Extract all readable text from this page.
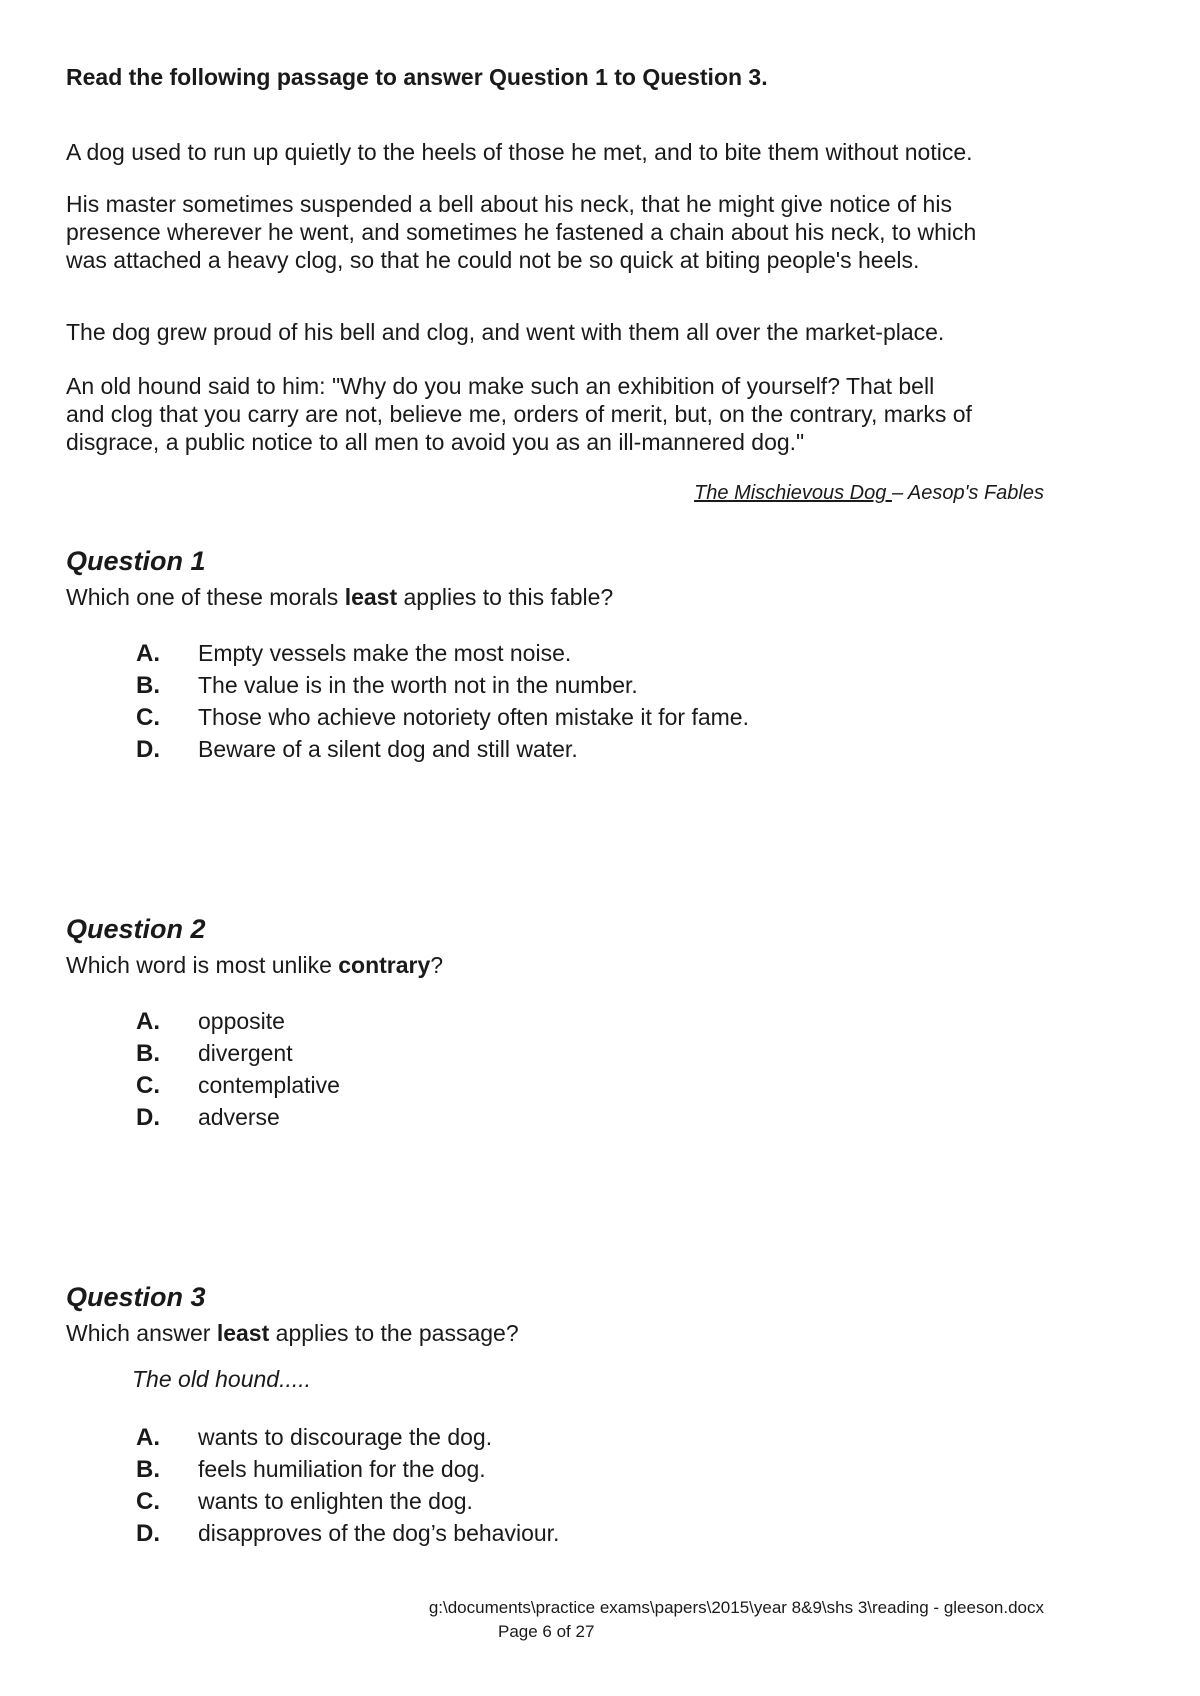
Read the following passage to answer Question 1 to Question 3.

A dog used to run up quietly to the heels of those he met, and to bite them without notice.

His master sometimes suspended a bell about his neck, that he might give notice of his
presence wherever he went, and sometimes he fastened a chain about his neck, to which
was attached a heavy clog, so that he could not be so quick at biting people's heels.

The dog grew proud of his bell and clog, and went with them all over the market-place.

An old hound said to him: "Why do you make such an exhibition of yourself? That bell
and clog that you carry are not, believe me, orders of merit, but, on the contrary, marks of
disgrace, a public notice to all men to avoid you as an ill-mannered dog."

The Mischievous Dog – Aesop's Fables
Question 1

Which one of these morals least applies to this fable?

A.	Empty vessels make the most noise.
B.	The value is in the worth not in the number.
C.	Those who achieve notoriety often mistake it for fame.
D.	Beware of a silent dog and still water.
Question 2

Which word is most unlike contrary?

A.	opposite
B.	divergent
C.	contemplative
D.	adverse
Question 3

Which answer least applies to the passage?

The old hound.....
A.	wants to discourage the dog.
B.	feels humiliation for the dog.
C.	wants to enlighten the dog.
D.	disapproves of the dog’s behaviour.
g:\documents\practice exams\papers\2015\year 8&9\shs 3\reading - gleeson.docx
Page 6 of 27
